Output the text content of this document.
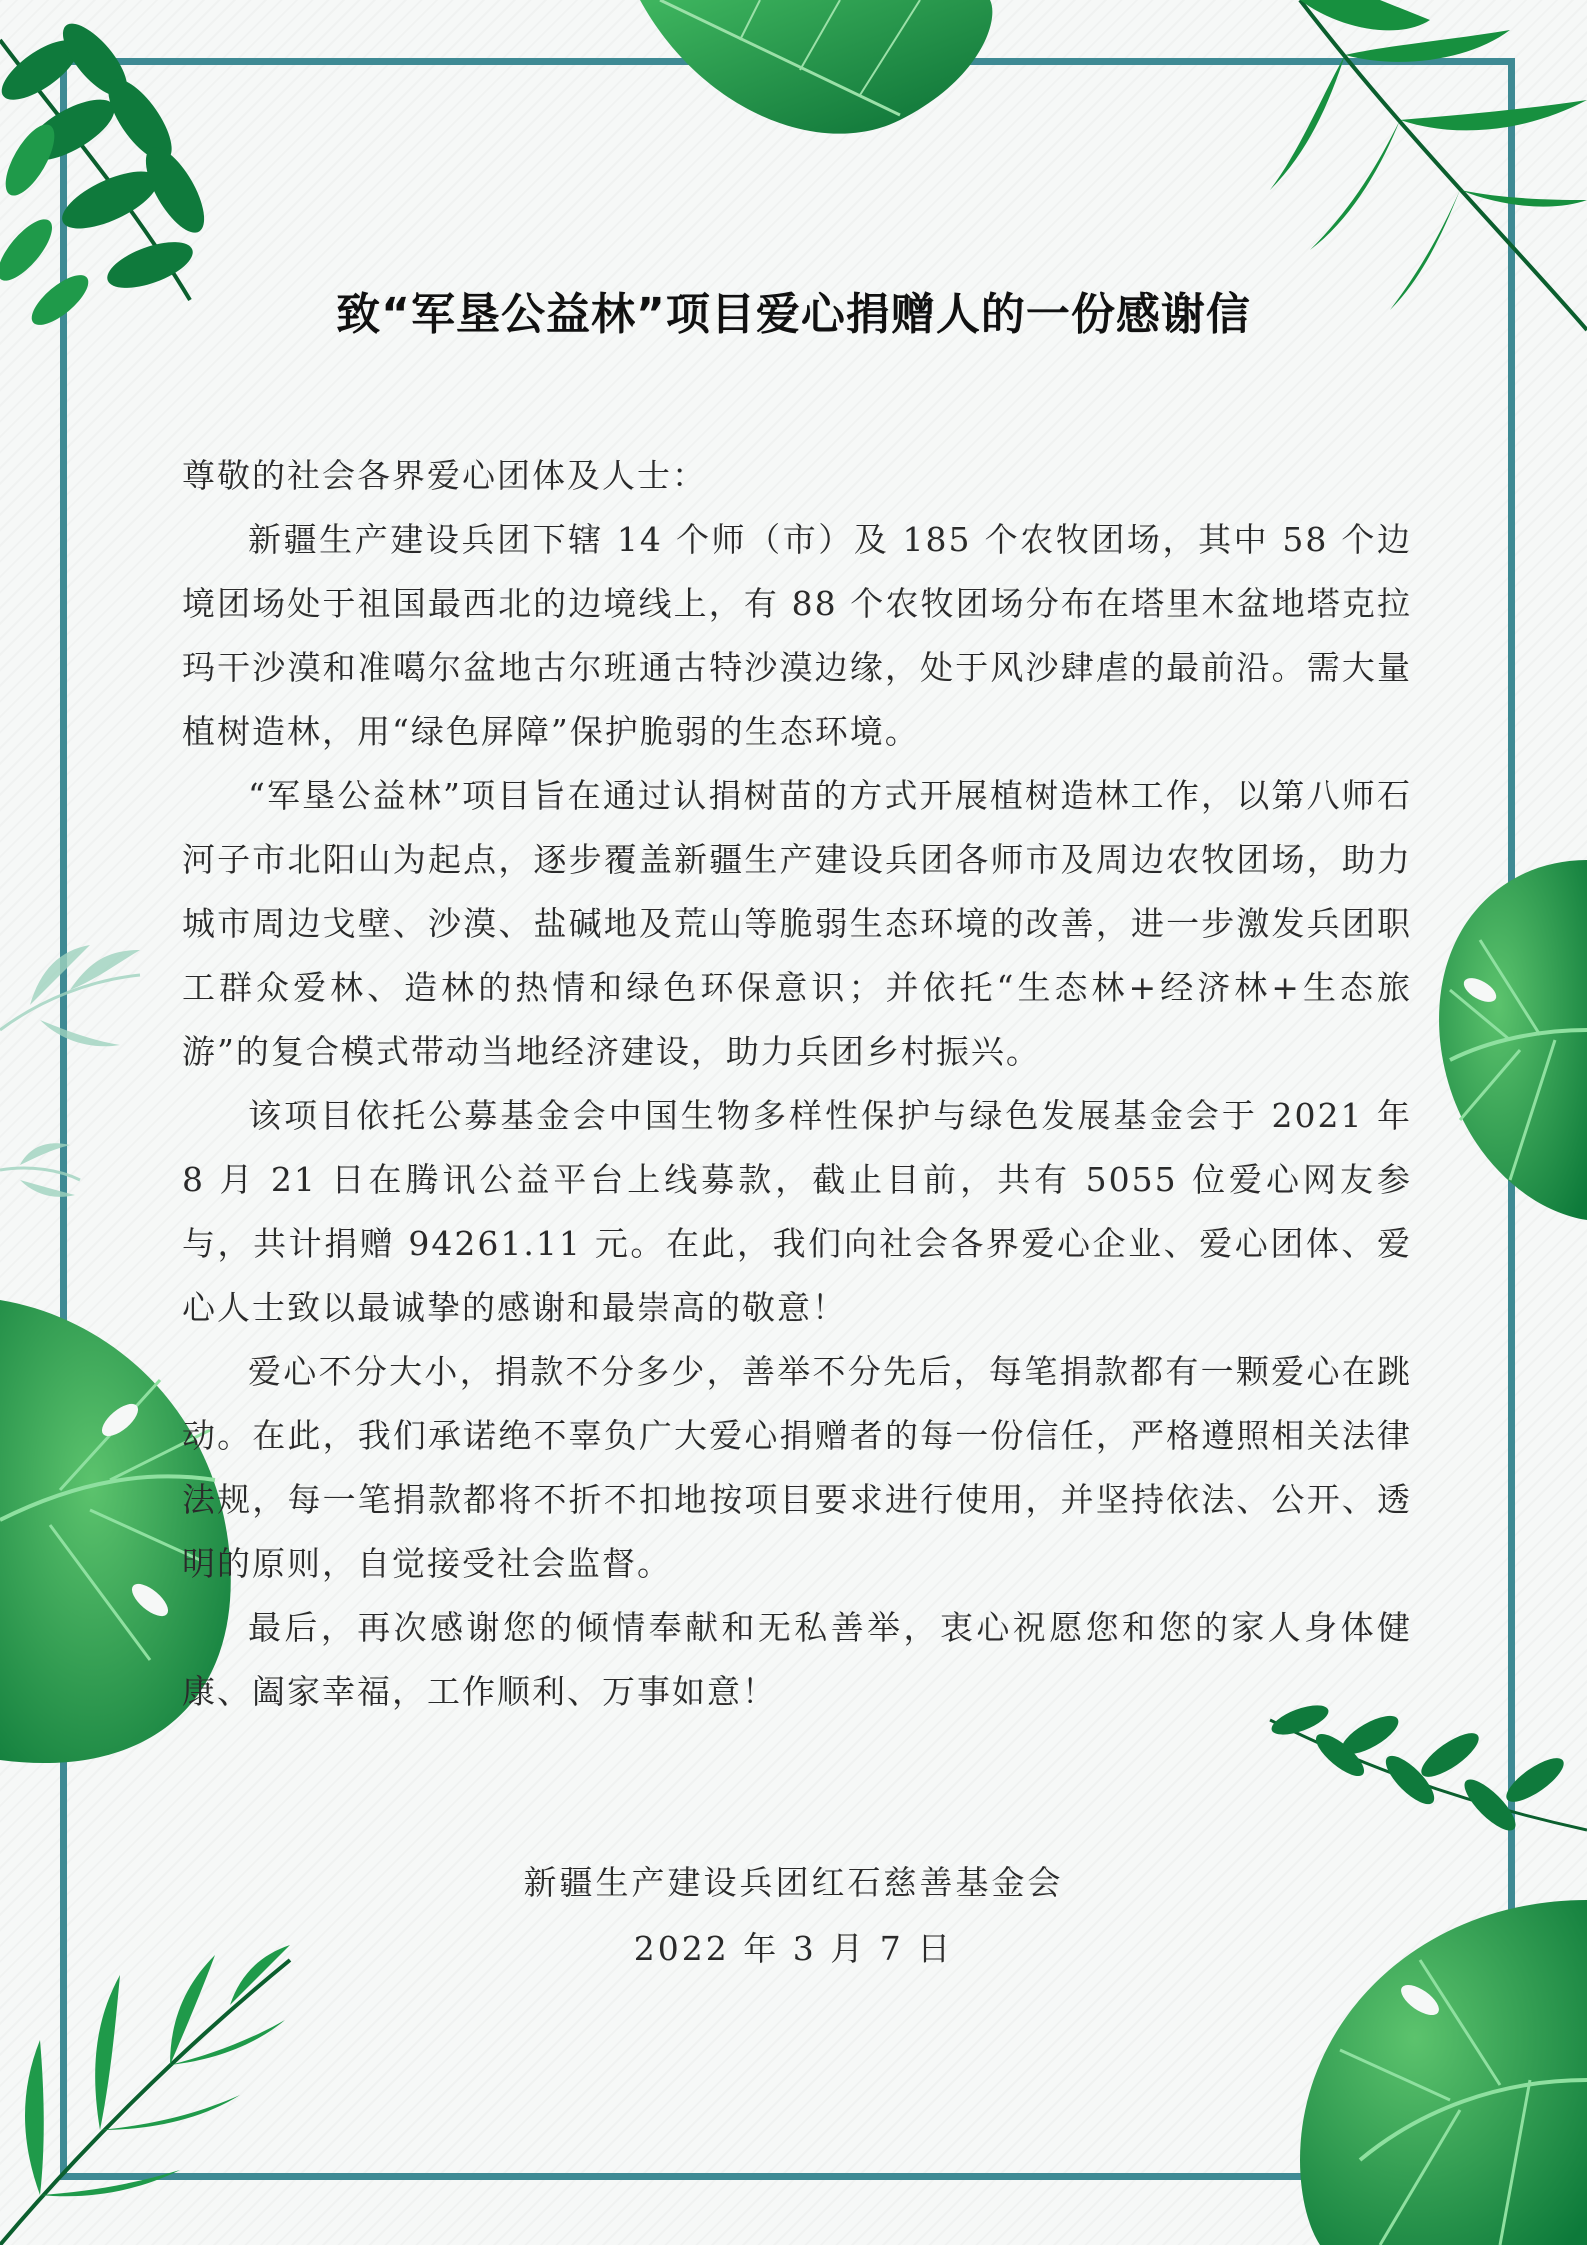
致“军垦公益林”项目爱心捐赠人的一份感谢信

尊敬的社会各界爱心团体及人士：

新疆生产建设兵团下辖 14 个师（市）及 185 个农牧团场，其中 58 个边境团场处于祖国最西北的边境线上，有 88 个农牧团场分布在塔里木盆地塔克拉玛干沙漠和准噶尔盆地古尔班通古特沙漠边缘，处于风沙肆虐的最前沿。需大量植树造林，用“绿色屏障”保护脆弱的生态环境。

“军垦公益林”项目旨在通过认捐树苗的方式开展植树造林工作，以第八师石河子市北阳山为起点，逐步覆盖新疆生产建设兵团各师市及周边农牧团场，助力城市周边戈壁、沙漠、盐碱地及荒山等脆弱生态环境的改善，进一步激发兵团职工群众爱林、造林的热情和绿色环保意识；并依托“生态林+经济林+生态旅游”的复合模式带动当地经济建设，助力兵团乡村振兴。

该项目依托公募基金会中国生物多样性保护与绿色发展基金会于 2021 年 8 月 21 日在腾讯公益平台上线募款，截止目前，共有 5055 位爱心网友参与，共计捐赠 94261.11 元。在此，我们向社会各界爱心企业、爱心团体、爱心人士致以最诚挚的感谢和最崇高的敬意！

爱心不分大小，捐款不分多少，善举不分先后，每笔捐款都有一颗爱心在跳动。在此，我们承诺绝不辜负广大爱心捐赠者的每一份信任，严格遵照相关法律法规，每一笔捐款都将不折不扣地按项目要求进行使用，并坚持依法、公开、透明的原则，自觉接受社会监督。

最后，再次感谢您的倾情奉献和无私善举，衷心祝愿您和您的家人身体健康、阖家幸福，工作顺利、万事如意！

新疆生产建设兵团红石慈善基金会

2022 年 3 月 7 日
